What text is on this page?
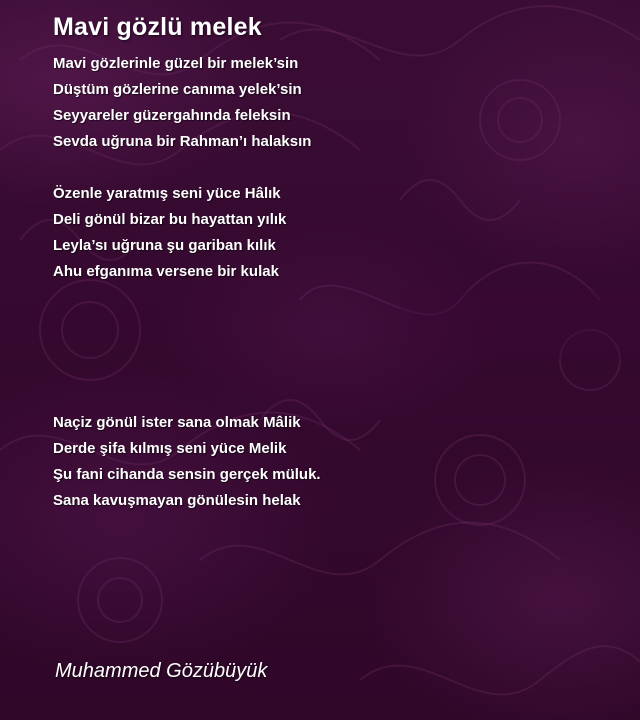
Mavi gözlü melek
Mavi gözlerinle güzel bir melek’sin
Düştüm gözlerine canıma yelek’sin
Seyyareler güzergahında feleksin
Sevda uğruna bir Rahman’ı halaksın
Özenle yaratmış seni yüce Hâlık
Deli gönül bizar bu hayattan yılık
Leyla’sı uğruna şu gariban kılık
Ahu efganıma versene bir kulak
Naçiz gönül ister sana olmak Mâlik
Derde şifa kılmış seni yüce Melik
Şu fani cihanda sensin gerçek müluk.
Sana kavuşmayan gönülesin helak
Muhammed Gözübüyük
